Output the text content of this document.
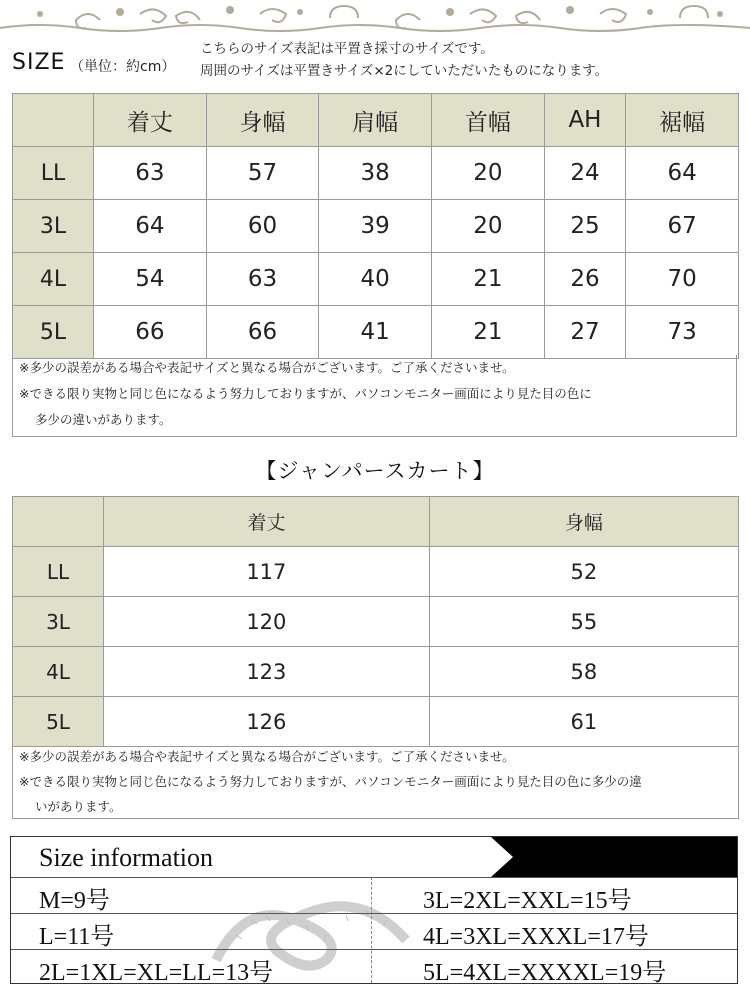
SIZE （単位：約cm）
こちらのサイズ表記は平置き採寸のサイズです。
周囲のサイズは平置きサイズ×2にしていただいたものになります。
	着丈	身幅	肩幅	首幅	AH	裾幅
LL	63	57	38	20	24	64
3L	64	60	39	20	25	67
4L	54	63	40	21	26	70
5L	66	66	41	21	27	73
※多少の誤差がある場合や表記サイズと異なる場合がございます。ご了承くださいませ。
※できる限り実物と同じ色になるよう努力しておりますが、パソコンモニター画面により見た目の色に
多少の違いがあります。
【ジャンパースカート】
	着丈	身幅
LL	117	52
3L	120	55
4L	123	58
5L	126	61
※多少の誤差がある場合や表記サイズと異なる場合がございます。ご了承くださいませ。
※できる限り実物と同じ色になるよう努力しておりますが、パソコンモニター画面により見た目の色に多少の違
いがあります。
Size information
M=9号	3L=2XL=XXL=15号
L=11号	4L=3XL=XXXL=17号
2L=1XL=XL=LL=13号	5L=4XL=XXXXL=19号
